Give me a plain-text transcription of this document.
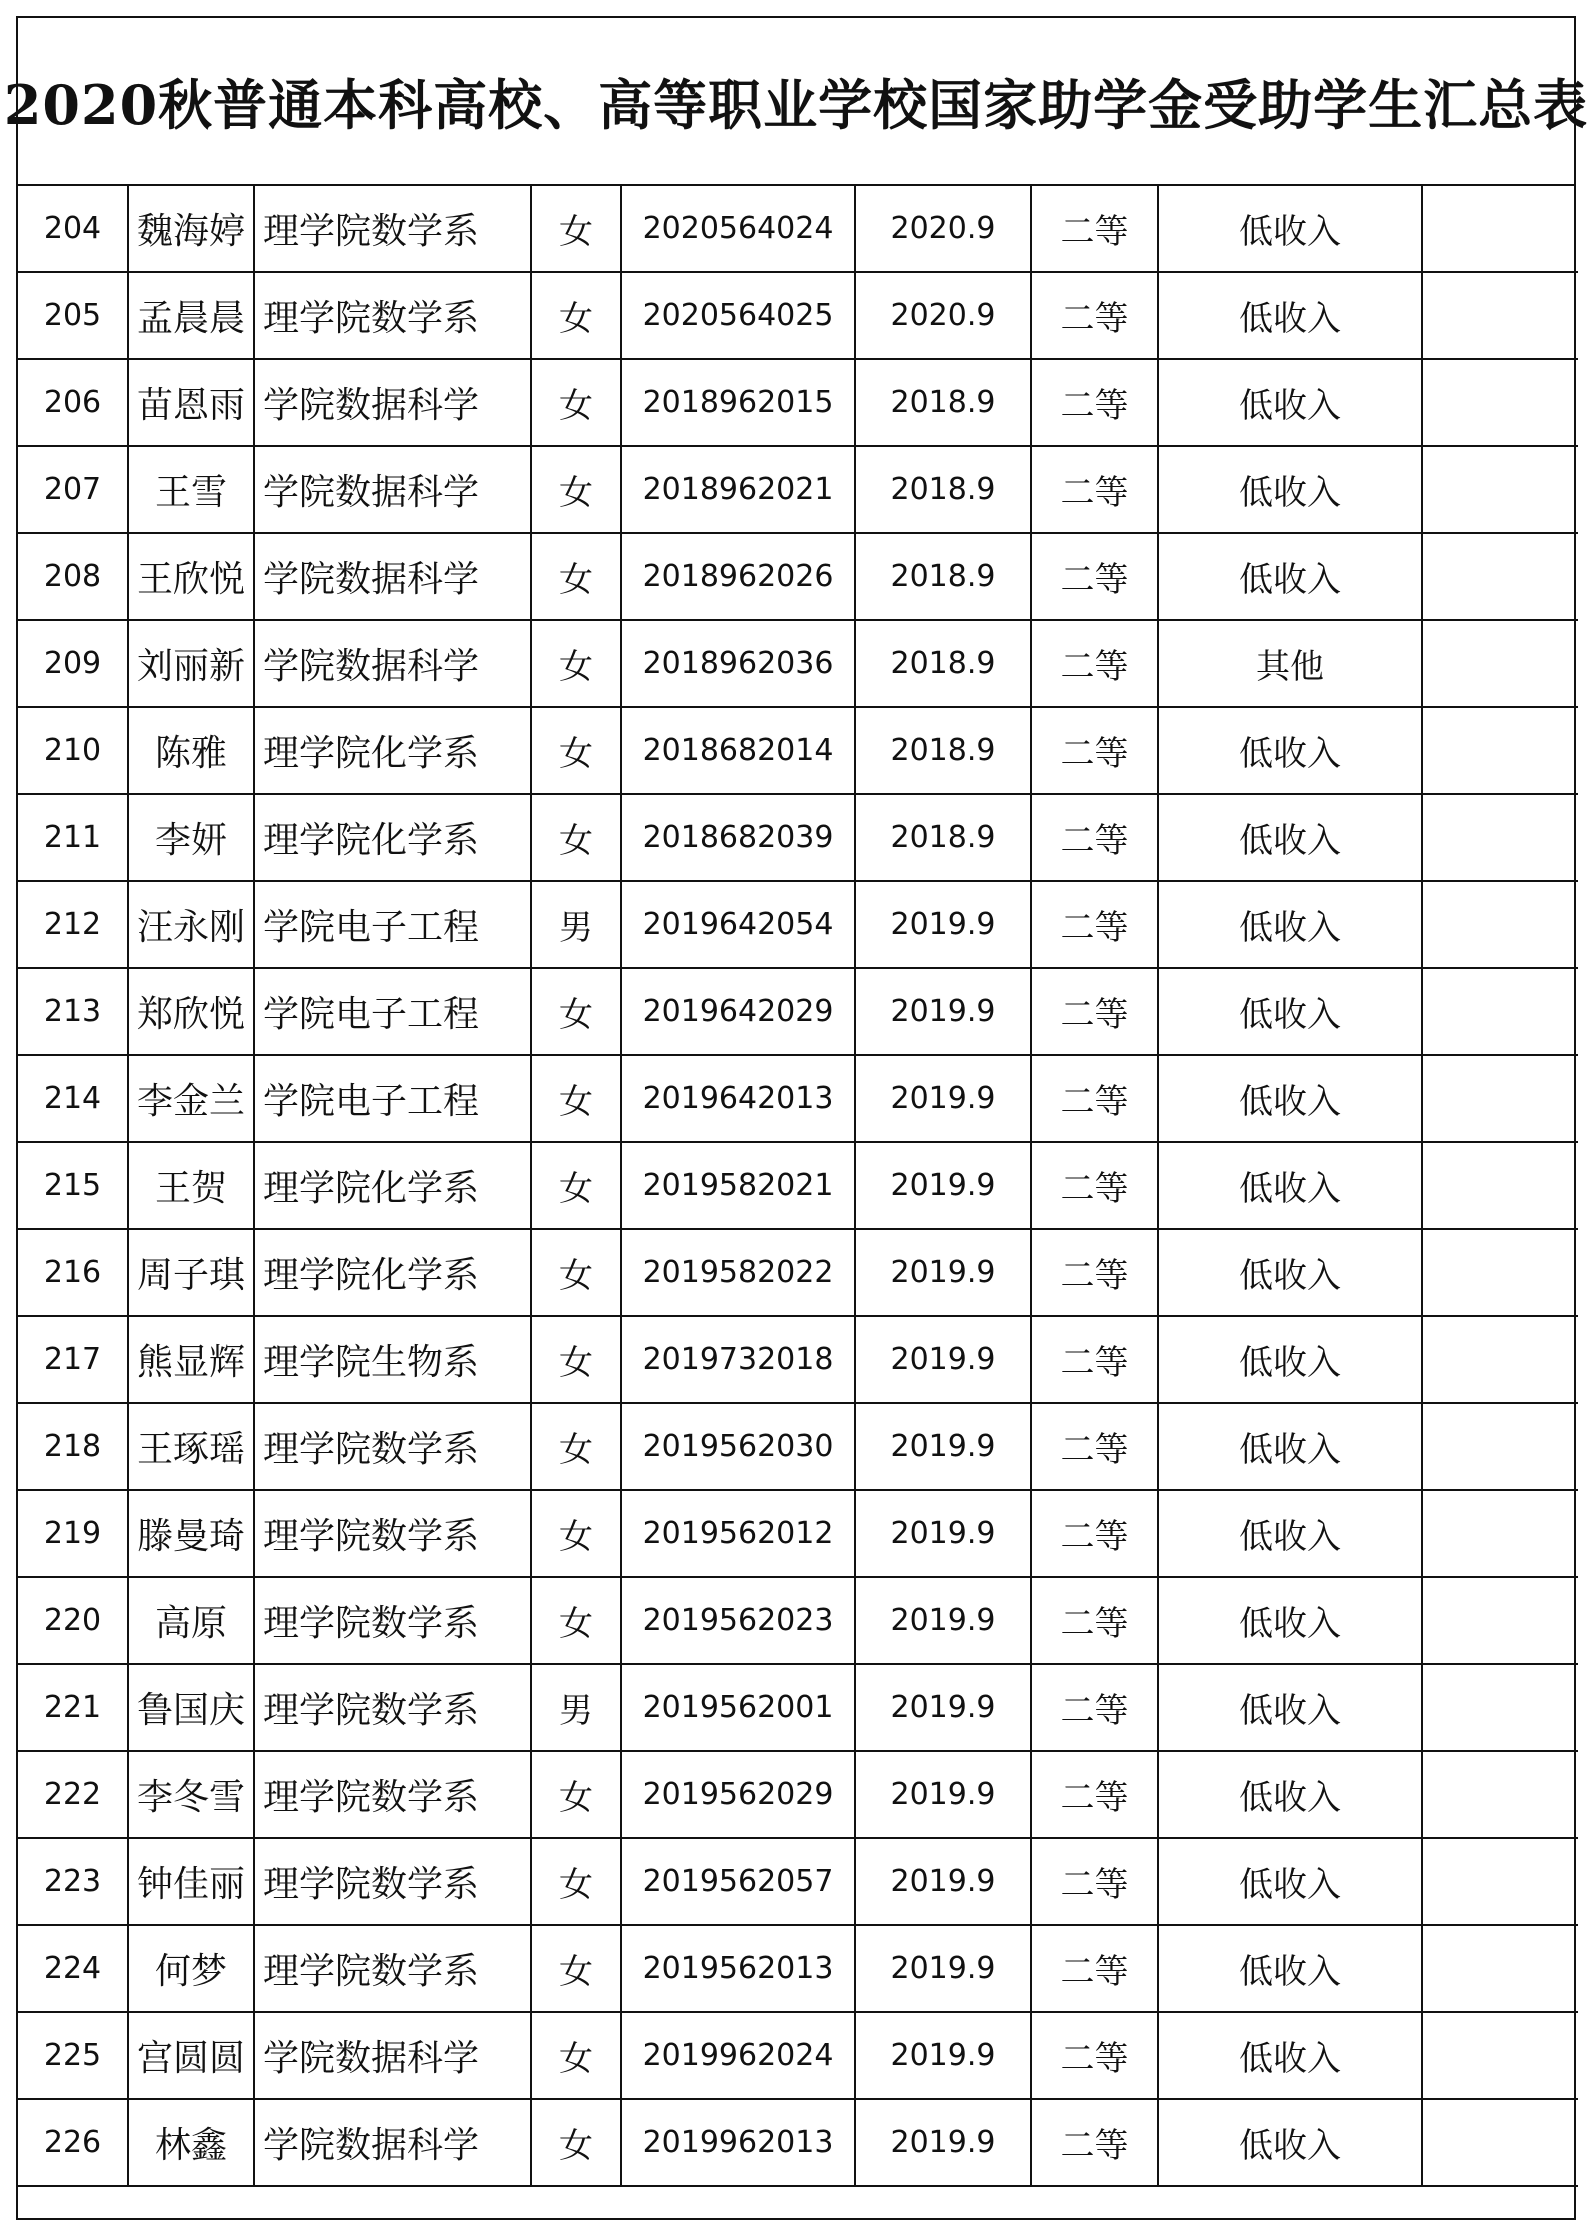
2020秋普通本科高校、高等职业学校国家助学金受助学生汇总表
204	魏海婷	理学院数学系	女	2020564024	2020.9	二等	低收入	
205	孟晨晨	理学院数学系	女	2020564025	2020.9	二等	低收入	
206	苗恩雨	学院数据科学	女	2018962015	2018.9	二等	低收入	
207	王雪	学院数据科学	女	2018962021	2018.9	二等	低收入	
208	王欣悦	学院数据科学	女	2018962026	2018.9	二等	低收入	
209	刘丽新	学院数据科学	女	2018962036	2018.9	二等	其他	
210	陈雅	理学院化学系	女	2018682014	2018.9	二等	低收入	
211	李妍	理学院化学系	女	2018682039	2018.9	二等	低收入	
212	汪永刚	学院电子工程	男	2019642054	2019.9	二等	低收入	
213	郑欣悦	学院电子工程	女	2019642029	2019.9	二等	低收入	
214	李金兰	学院电子工程	女	2019642013	2019.9	二等	低收入	
215	王贺	理学院化学系	女	2019582021	2019.9	二等	低收入	
216	周子琪	理学院化学系	女	2019582022	2019.9	二等	低收入	
217	熊显辉	理学院生物系	女	2019732018	2019.9	二等	低收入	
218	王琢瑶	理学院数学系	女	2019562030	2019.9	二等	低收入	
219	滕曼琦	理学院数学系	女	2019562012	2019.9	二等	低收入	
220	高原	理学院数学系	女	2019562023	2019.9	二等	低收入	
221	鲁国庆	理学院数学系	男	2019562001	2019.9	二等	低收入	
222	李冬雪	理学院数学系	女	2019562029	2019.9	二等	低收入	
223	钟佳丽	理学院数学系	女	2019562057	2019.9	二等	低收入	
224	何梦	理学院数学系	女	2019562013	2019.9	二等	低收入	
225	宫圆圆	学院数据科学	女	2019962024	2019.9	二等	低收入	
226	林鑫	学院数据科学	女	2019962013	2019.9	二等	低收入	
